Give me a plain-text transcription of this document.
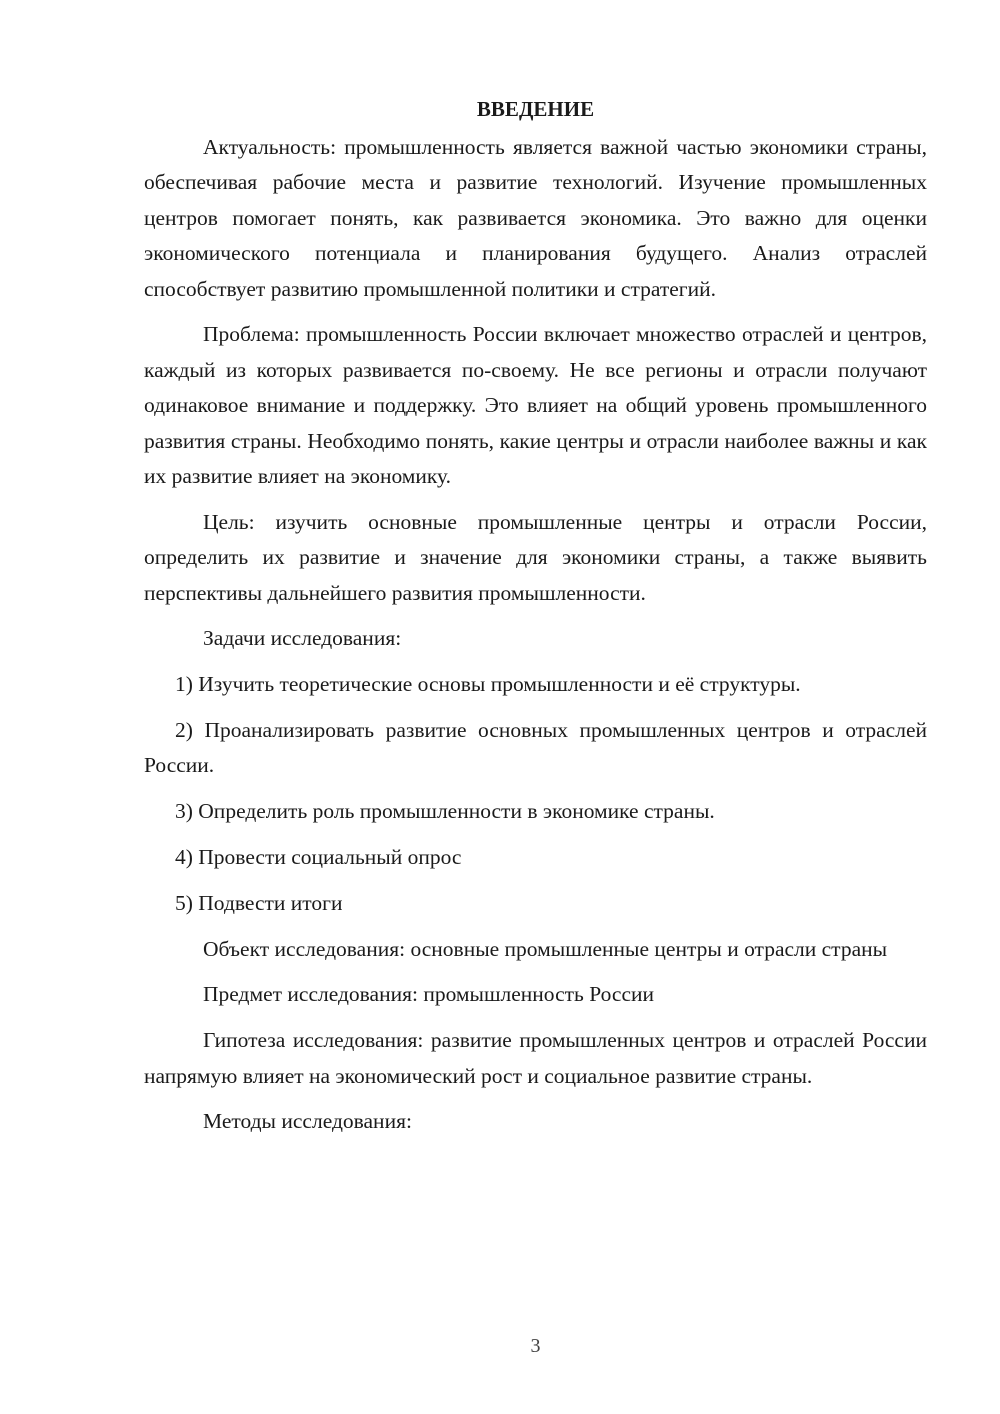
ВВЕДЕНИЕ

Актуальность: промышленность является важной частью экономики страны, обеспечивая рабочие места и развитие технологий. Изучение промышленных центров помогает понять, как развивается экономика. Это важно для оценки экономического потенциала и планирования будущего. Анализ отраслей способствует развитию промышленной политики и стратегий.

Проблема: промышленность России включает множество отраслей и центров, каждый из которых развивается по-своему. Не все регионы и отрасли получают одинаковое внимание и поддержку. Это влияет на общий уровень промышленного развития страны. Необходимо понять, какие центры и отрасли наиболее важны и как их развитие влияет на экономику.

Цель: изучить основные промышленные центры и отрасли России, определить их развитие и значение для экономики страны, а также выявить перспективы дальнейшего развития промышленности.

Задачи исследования:

1) Изучить теоретические основы промышленности и её структуры.

2) Проанализировать развитие основных промышленных центров и отраслей России.

3) Определить роль промышленности в экономике страны.

4) Провести социальный опрос

5) Подвести итоги

Объект исследования: основные промышленные центры и отрасли страны

Предмет исследования: промышленность России

Гипотеза исследования: развитие промышленных центров и отраслей России напрямую влияет на экономический рост и социальное развитие страны.

Методы исследования:

3
